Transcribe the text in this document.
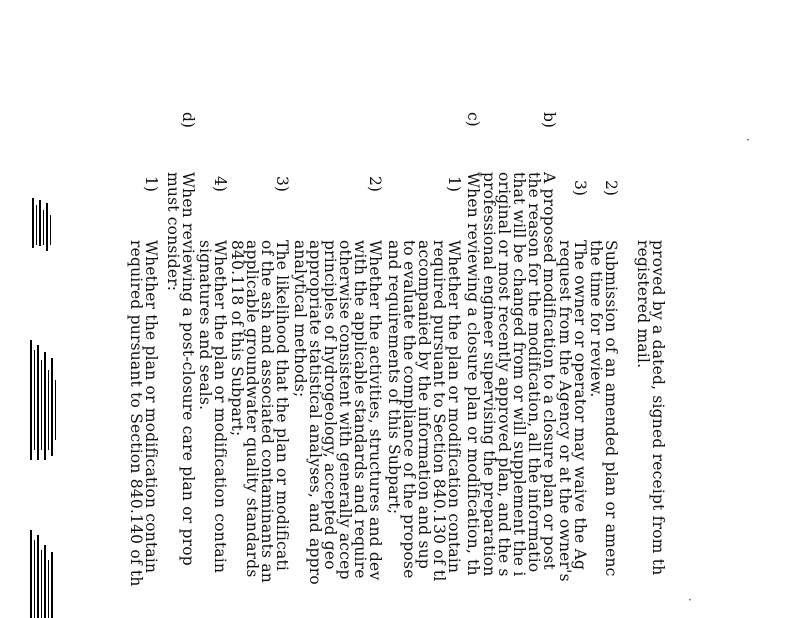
·
·
proved by a dated, signed receipt from th
registered mail.
2)
Submission of an amended plan or amenc
the time for review.
3)
The owner or operator may waive the Ag
request from the Agency or at the owner's
b)
A proposed modification to a closure plan or post
the reason for the modification, all the informatio
that will be changed from or will supplement the i
original or most recently approved plan, and the s
professional engineer supervising the preparation
c)
When reviewing a closure plan or modification, th
1)
Whether the plan or modification contain
required pursuant to Section 840.130 of tl
accompanied by the information and sup
to evaluate the compliance of the propose
and requirements of this Subpart;
2)
Whether the activities, structures and dev
with the applicable standards and require
otherwise consistent with generally accep
principles of hydrogeology, accepted geo
appropriate statistical analyses, and appro
analytical methods;
3)
The likelihood that the plan or modificati
of the ash and associated contaminants an
applicable groundwater quality standards
840.118 of this Subpart;
4)
Whether the plan or modification contain
signatures and seals.
d)
When reviewing a post-closure care plan or prop
must consider:
1)
Whether the plan or modification contain
required pursuant to Section 840.140 of th
